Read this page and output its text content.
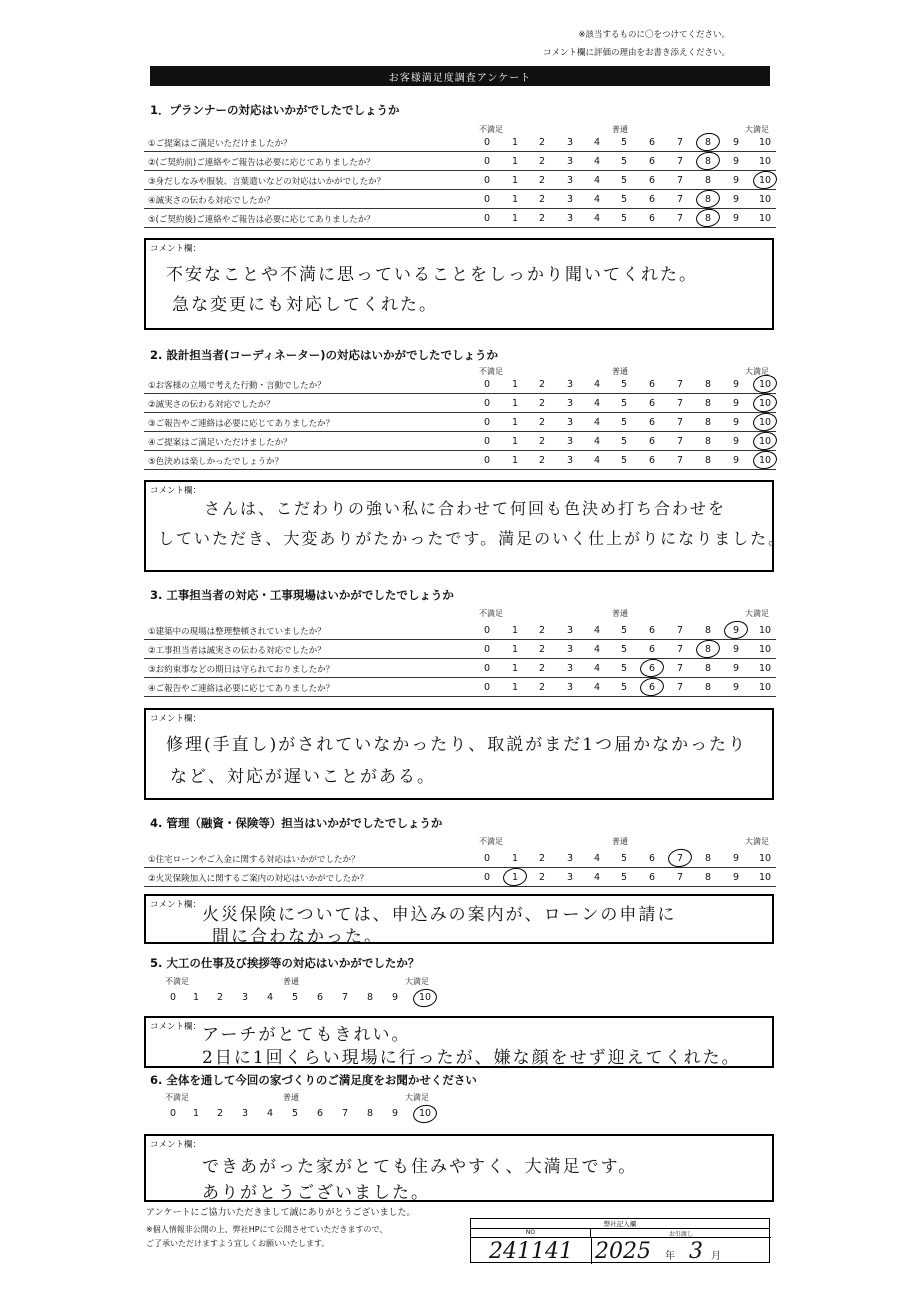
※該当するものに〇をつけてください。
コメント欄に評価の理由をお書き添えください。
お客様満足度調査アンケート
1．プランナーの対応はいかがでしたでしょうか
不満足	普通	大満足
①ご提案はご満足いただけましたか？	0	1	2	3	4	5	6	7	8	9	10
②(ご契約前)ご連絡やご報告は必要に応じてありましたか？	0	1	2	3	4	5	6	7	8	9	10
③身だしなみや服装、言葉遣いなどの対応はいかがでしたか？	0	1	2	3	4	5	6	7	8	9	10
④誠実さの伝わる対応でしたか？	0	1	2	3	4	5	6	7	8	9	10
⑤(ご契約後)ご連絡やご報告は必要に応じてありましたか？	0	1	2	3	4	5	6	7	8	9	10
コメント欄：
不安なことや不満に思っていることをしっかり聞いてくれた。
急な変更にも対応してくれた。
2. 設計担当者(コーディネーター)の対応はいかがでしたでしょうか
不満足	普通	大満足
①お客様の立場で考えた行動・言動でしたか？	0	1	2	3	4	5	6	7	8	9	10
②誠実さの伝わる対応でしたか？	0	1	2	3	4	5	6	7	8	9	10
③ご報告やご連絡は必要に応じてありましたか？	0	1	2	3	4	5	6	7	8	9	10
④ご提案はご満足いただけましたか？	0	1	2	3	4	5	6	7	8	9	10
⑤色決めは楽しかったでしょうか？	0	1	2	3	4	5	6	7	8	9	10
コメント欄：
さんは、こだわりの強い私に合わせて何回も色決め打ち合わせを
していただき、大変ありがたかったです。満足のいく仕上がりになりました。
3. 工事担当者の対応・工事現場はいかがでしたでしょうか
不満足	普通	大満足
①建築中の現場は整理整頓されていましたか？	0	1	2	3	4	5	6	7	8	9	10
②工事担当者は誠実さの伝わる対応でしたか？	0	1	2	3	4	5	6	7	8	9	10
③お約束事などの期日は守られておりましたか？	0	1	2	3	4	5	6	7	8	9	10
④ご報告やご連絡は必要に応じてありましたか？	0	1	2	3	4	5	6	7	8	9	10
コメント欄：
修理(手直し)がされていなかったり、取説がまだ1つ届かなかったり
など、対応が遅いことがある。
4. 管理（融資・保険等）担当はいかがでしたでしょうか
不満足	普通	大満足
①住宅ローンやご入金に関する対応はいかがでしたか？	0	1	2	3	4	5	6	7	8	9	10
②火災保険加入に関するご案内の対応はいかがでしたか？	0	1	2	3	4	5	6	7	8	9	10
コメント欄： 火災保険については、申込みの案内が、ローンの申請に
間に合わなかった。
5. 大工の仕事及び挨拶等の対応はいかがでしたか？
不満足	普通	大満足
0	1	2	3	4	5	6	7	8	9	10
コメント欄： アーチがとてもきれい。
2日に1回くらい現場に行ったが、嫌な顔をせず迎えてくれた。
6. 全体を通して今回の家づくりのご満足度をお聞かせください
不満足	普通	大満足
0	1	2	3	4	5	6	7	8	9	10
コメント欄：
できあがった家がとても住みやすく、大満足です。
ありがとうございました。
アンケートにご協力いただきまして誠にありがとうございました。
※個人情報非公開の上、弊社HPにて公開させていただきますので、
ご了承いただけますよう宜しくお願いいたします。
弊社記入欄
NO	お引渡し
241141 2025 年 3 月
